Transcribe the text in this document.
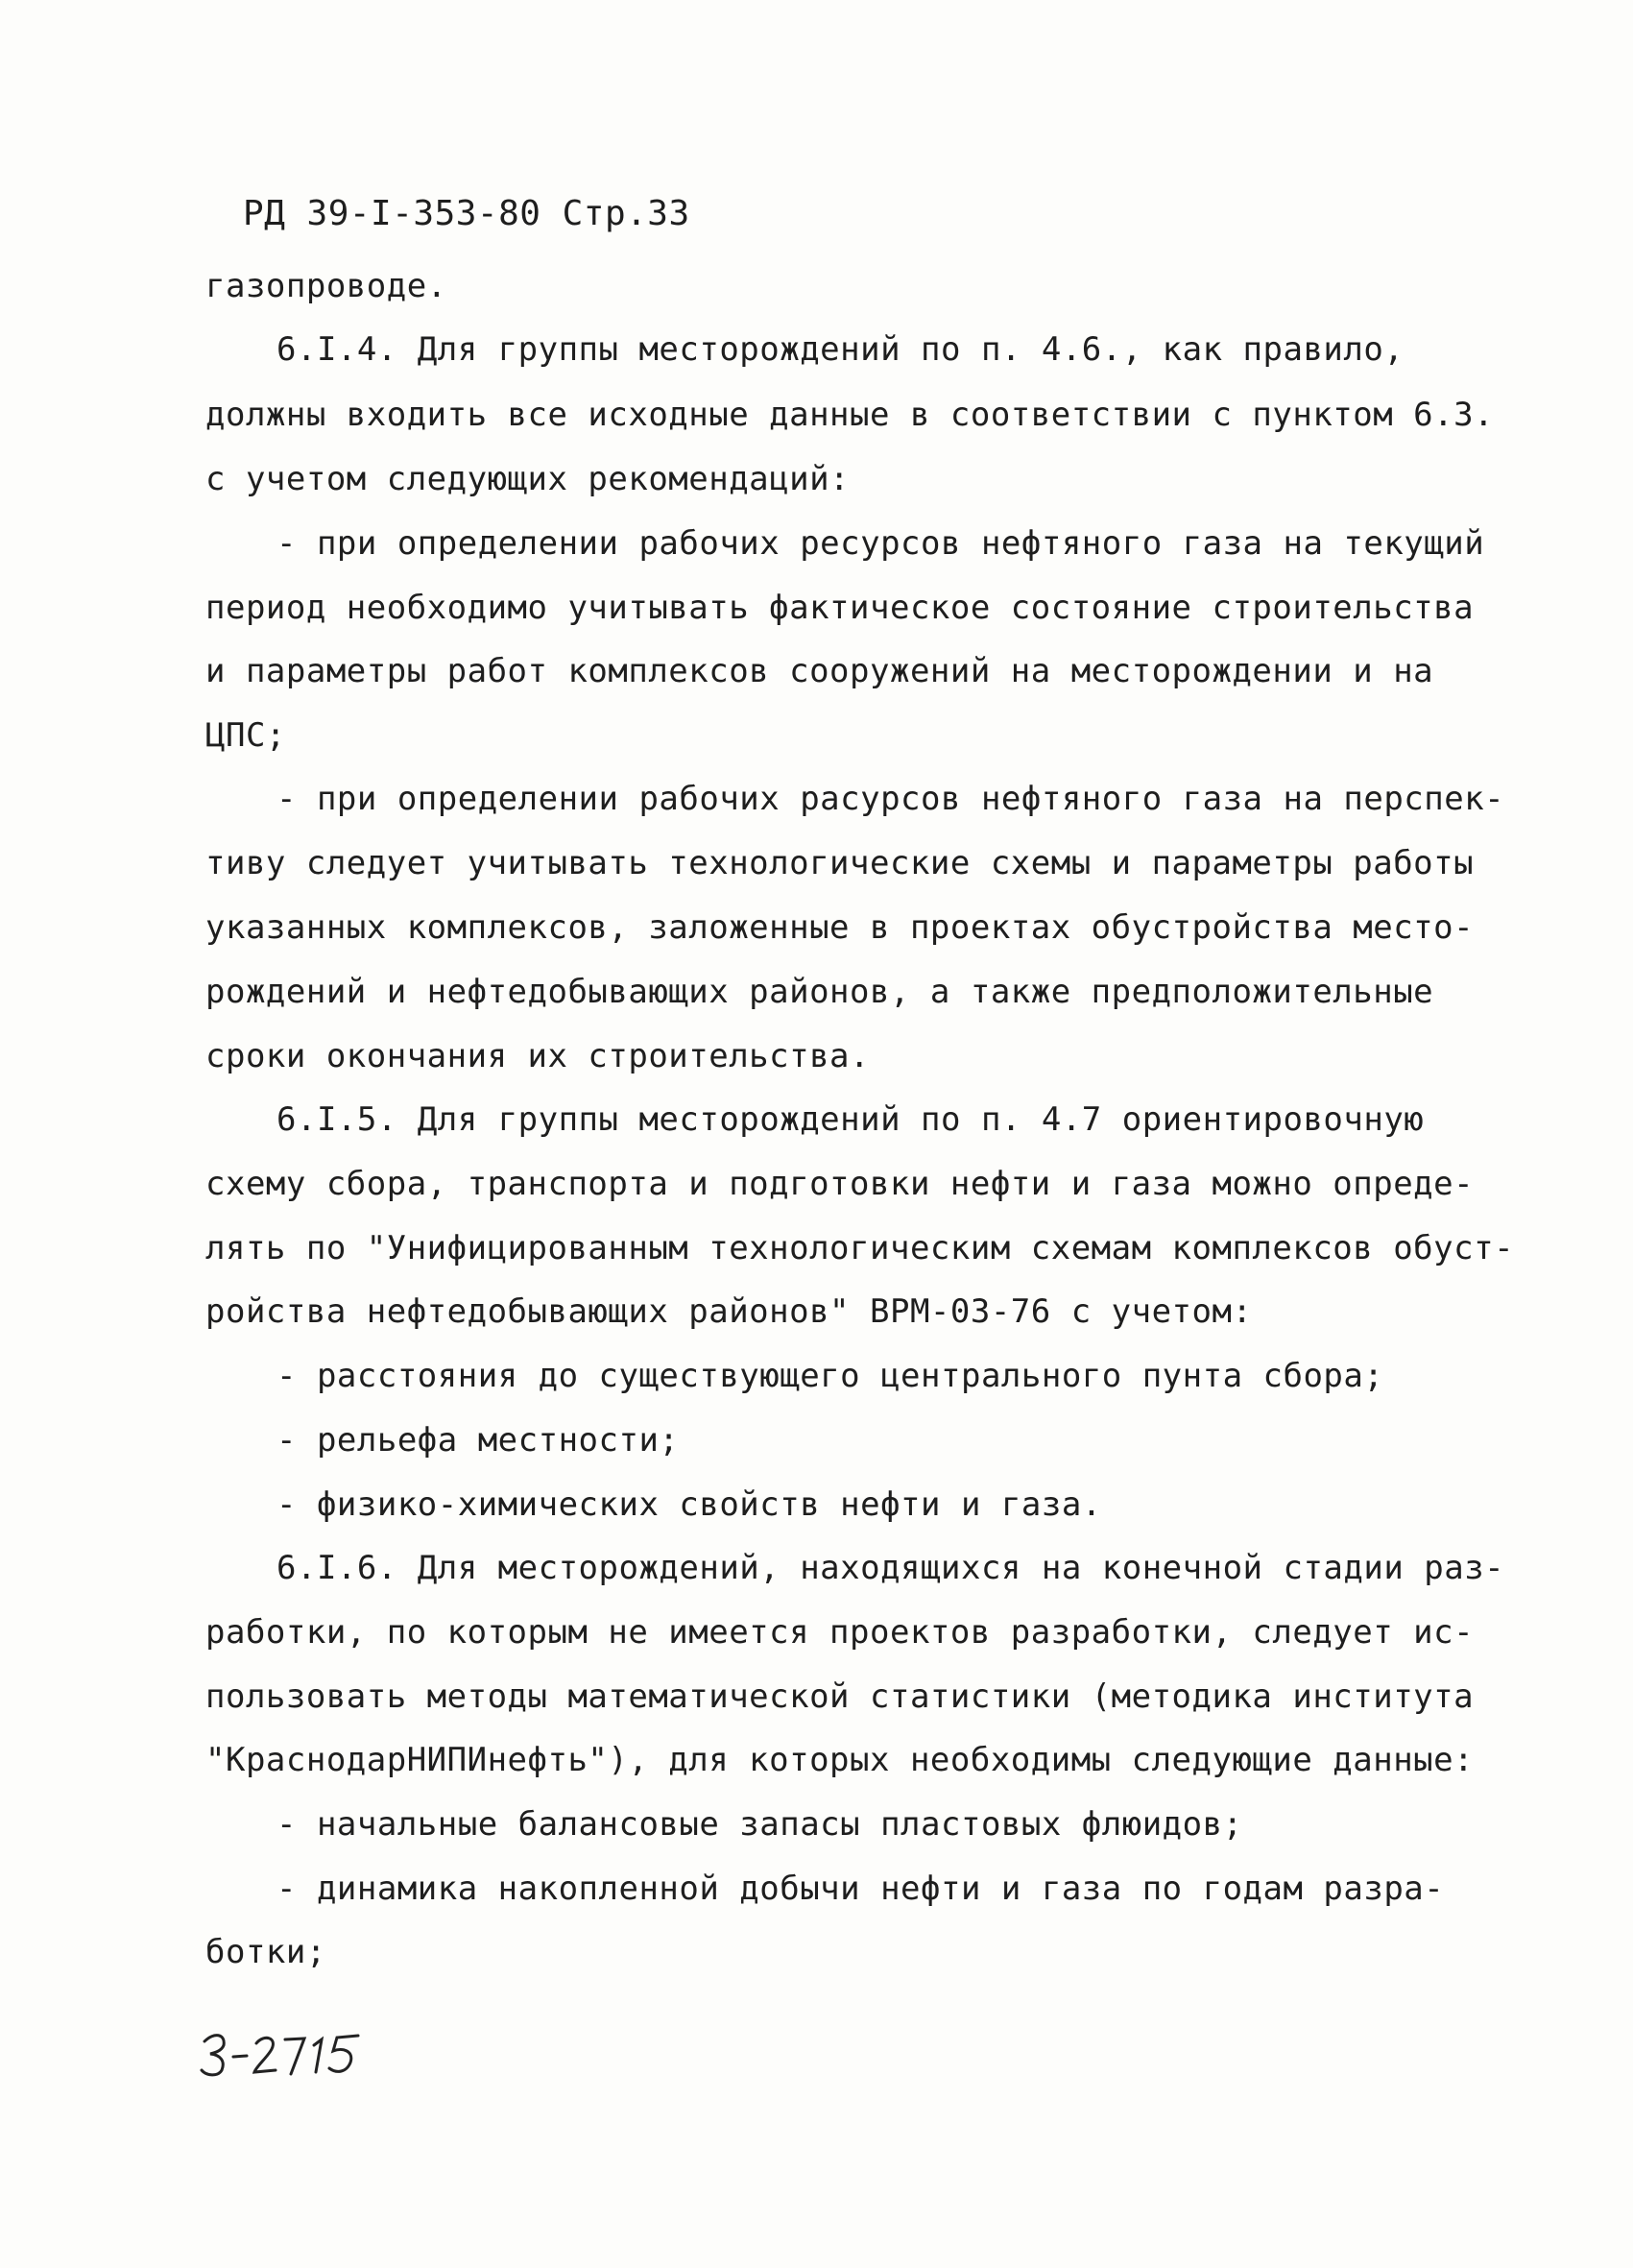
РД 39-I-353-80 Стр.33
газопроводе.
6.I.4. Для группы месторождений по п. 4.6., как правило,
должны входить все исходные данные в соответствии с пунктом 6.3.
с учетом следующих рекомендаций:
- при определении рабочих ресурсов нефтяного газа на текущий
период необходимо учитывать фактическое состояние строительства
и параметры работ комплексов сооружений на месторождении и на
ЦПС;
- при определении рабочих расурсов нефтяного газа на перспек-
тиву следует учитывать технологические схемы и параметры работы
указанных комплексов, заложенные в проектах обустройства место-
рождений и нефтедобывающих районов, а также предположительные
сроки окончания их строительства.
6.I.5. Для группы месторождений по п. 4.7 ориентировочную
схему сбора, транспорта и подготовки нефти и газа можно опреде-
лять по "Унифицированным технологическим схемам комплексов обуст-
ройства нефтедобывающих районов" ВРМ-03-76 с учетом:
- расстояния до существующего центрального пунта сбора;
- рельефа местности;
- физико-химических свойств нефти и газа.
6.I.6. Для месторождений, находящихся на конечной стадии раз-
работки, по которым не имеется проектов разработки, следует ис-
пользовать методы математической статистики (методика института
"КраснодарНИПИнефть"), для которых необходимы следующие данные:
- начальные балансовые запасы пластовых флюидов;
- динамика накопленной добычи нефти и газа по годам разра-
ботки;
